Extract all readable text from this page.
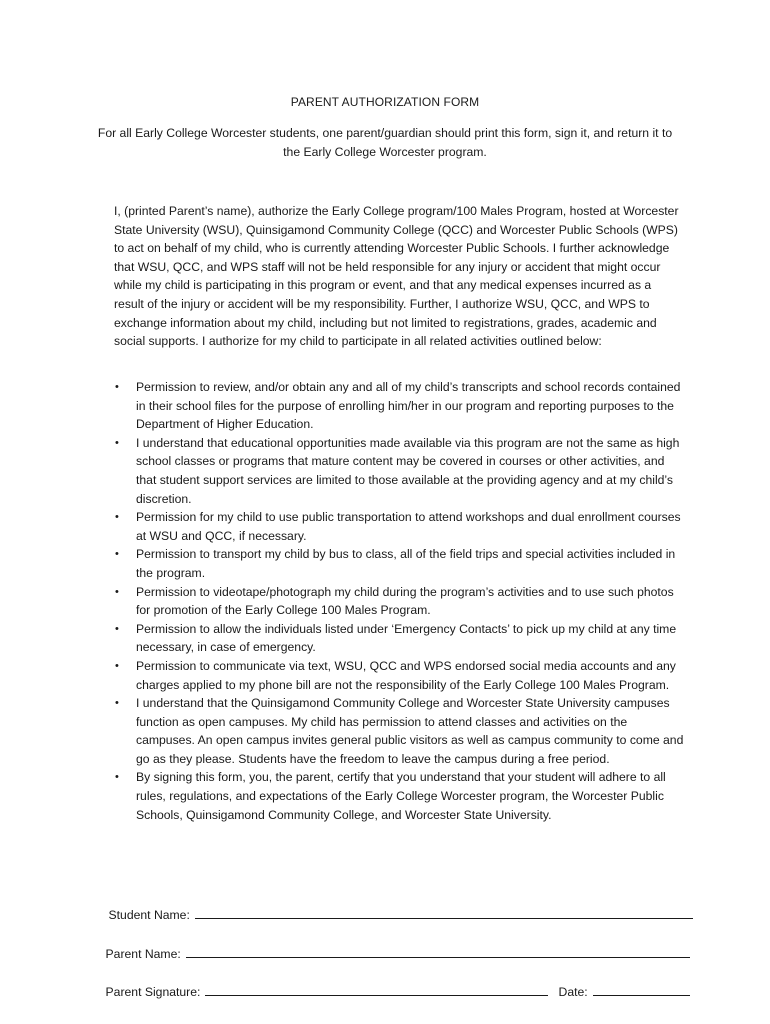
PARENT AUTHORIZATION FORM
For all Early College Worcester students, one parent/guardian should print this form, sign it, and return it to the Early College Worcester program.
I, (printed Parent’s name), authorize the Early College program/100 Males Program, hosted at Worcester State University (WSU), Quinsigamond Community College (QCC) and Worcester Public Schools (WPS) to act on behalf of my child, who is currently attending Worcester Public Schools. I further acknowledge that WSU, QCC, and WPS staff will not be held responsible for any injury or accident that might occur while my child is participating in this program or event, and that any medical expenses incurred as a result of the injury or accident will be my responsibility. Further, I authorize WSU, QCC, and WPS to exchange information about my child, including but not limited to registrations, grades, academic and social supports. I authorize for my child to participate in all related activities outlined below:
• Permission to review, and/or obtain any and all of my child’s transcripts and school records contained in their school files for the purpose of enrolling him/her in our program and reporting purposes to the Department of Higher Education.
• I understand that educational opportunities made available via this program are not the same as high school classes or programs that mature content may be covered in courses or other activities, and that student support services are limited to those available at the providing agency and at my child’s discretion.
• Permission for my child to use public transportation to attend workshops and dual enrollment courses at WSU and QCC, if necessary.
• Permission to transport my child by bus to class, all of the field trips and special activities included in the program.
• Permission to videotape/photograph my child during the program’s activities and to use such photos for promotion of the Early College 100 Males Program.
• Permission to allow the individuals listed under ‘Emergency Contacts’ to pick up my child at any time necessary, in case of emergency.
• Permission to communicate via text, WSU, QCC and WPS endorsed social media accounts and any charges applied to my phone bill are not the responsibility of the Early College 100 Males Program.
• I understand that the Quinsigamond Community College and Worcester State University campuses function as open campuses. My child has permission to attend classes and activities on the campuses. An open campus invites general public visitors as well as campus community to come and go as they please. Students have the freedom to leave the campus during a free period.
• By signing this form, you, the parent, certify that you understand that your student will adhere to all rules, regulations, and expectations of the Early College Worcester program, the Worcester Public Schools, Quinsigamond Community College, and Worcester State University.

Student Name:

Parent Name:

Parent Signature:
	Date:
